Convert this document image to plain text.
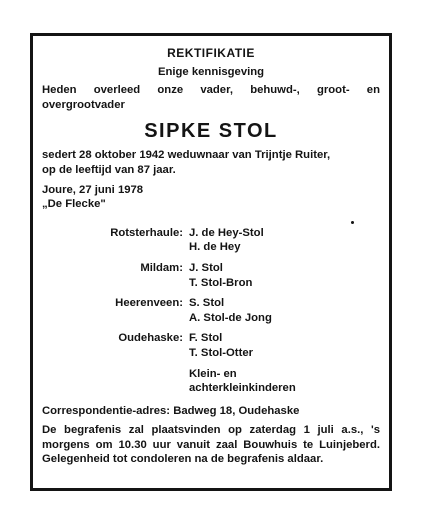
REKTIFIKATIE
Enige kennisgeving
Heden overleed onze vader, behuwd-, groot- en overgrootvader
SIPKE STOL
sedert 28 oktober 1942 weduwnaar van Trijntje Ruiter,
op de leeftijd van 87 jaar.
Joure, 27 juni 1978
„De Flecke"
Rotsterhaule: J. de Hey-Stol
H. de Hey
Mildam: J. Stol
T. Stol-Bron
Heerenveen: S. Stol
A. Stol-de Jong
Oudehaske: F. Stol
T. Stol-Otter
Klein- en
achterkleinkinderen
Correspondentie-adres: Badweg 18, Oudehaske
De begrafenis zal plaatsvinden op zaterdag 1 juli a.s., 's morgens om 10.30 uur vanuit zaal Bouwhuis te Luinjeberd. Gelegenheid tot condoleren na de begrafenis aldaar.
